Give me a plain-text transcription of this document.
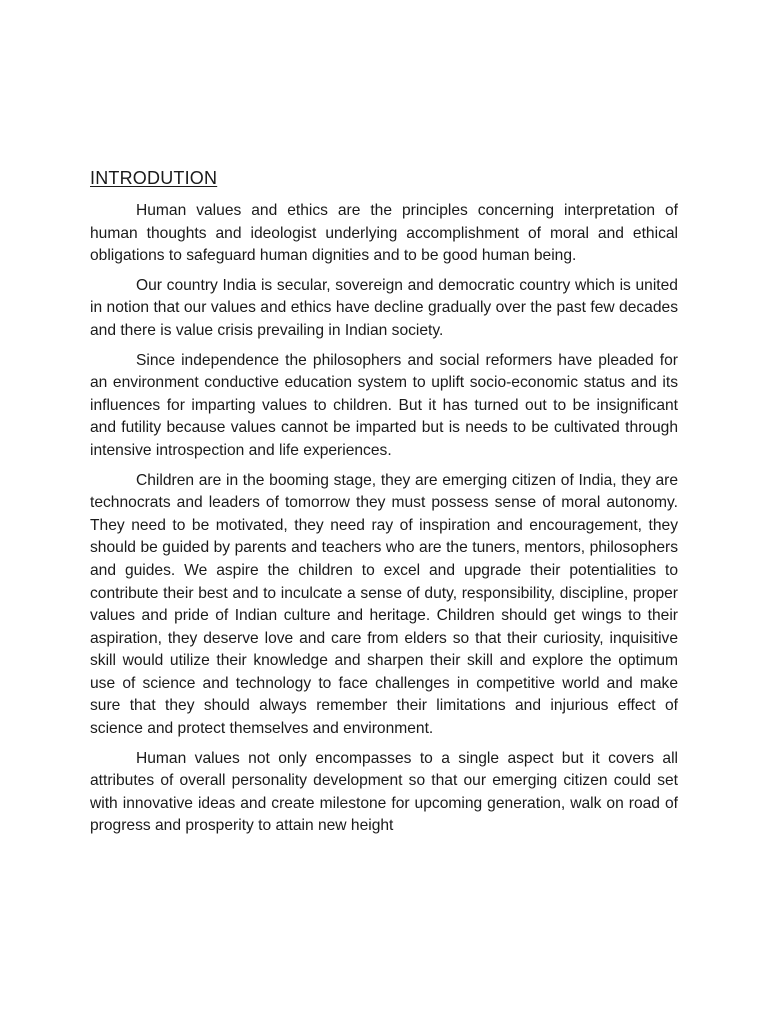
INTRODUTION

Human values and ethics are the principles concerning interpretation of human thoughts and ideologist underlying accomplishment of moral and ethical obligations to safeguard human dignities and to be good human being.

Our country India is secular, sovereign and democratic country which is united in notion that our values and ethics have decline gradually over the past few decades and there is value crisis prevailing in Indian society.

Since independence the philosophers and social reformers have pleaded for an environment conductive education system to uplift socio-economic status and its influences for imparting values to children. But it has turned out to be insignificant and futility because values cannot be imparted but is needs to be cultivated through intensive introspection and life experiences.

Children are in the booming stage, they are emerging citizen of India, they are technocrats and leaders of tomorrow they must possess sense of moral autonomy. They need to be motivated, they need ray of inspiration and encouragement, they should be guided by parents and teachers who are the tuners, mentors, philosophers and guides. We aspire the children to excel and upgrade their potentialities to contribute their best and to inculcate a sense of duty, responsibility, discipline, proper values and pride of Indian culture and heritage. Children should get wings to their aspiration, they deserve love and care from elders so that their curiosity, inquisitive skill would utilize their knowledge and sharpen their skill and explore the optimum use of science and technology to face challenges in competitive world and make sure that they should always remember their limitations and injurious effect of science and protect themselves and environment.

Human values not only encompasses to a single aspect but it covers all attributes of overall personality development so that our emerging citizen could set with innovative ideas and create milestone for upcoming generation, walk on road of progress and prosperity to attain new height
